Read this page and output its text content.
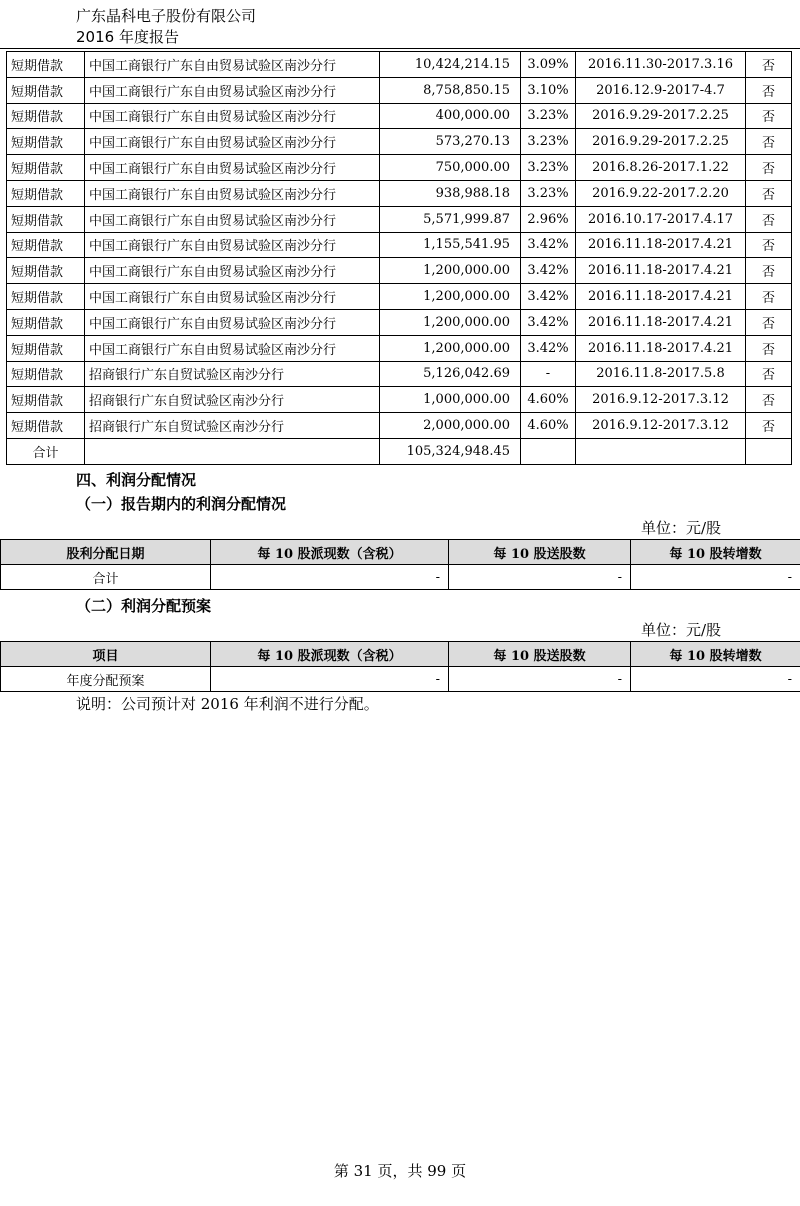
广东晶科电子股份有限公司
2016 年度报告
短期借款	中国工商银行广东自由贸易试验区南沙分行	10,424,214.15	3.09%	2016.11.30-2017.3.16	否
短期借款	中国工商银行广东自由贸易试验区南沙分行	8,758,850.15	3.10%	2016.12.9-2017-4.7	否
短期借款	中国工商银行广东自由贸易试验区南沙分行	400,000.00	3.23%	2016.9.29-2017.2.25	否
短期借款	中国工商银行广东自由贸易试验区南沙分行	573,270.13	3.23%	2016.9.29-2017.2.25	否
短期借款	中国工商银行广东自由贸易试验区南沙分行	750,000.00	3.23%	2016.8.26-2017.1.22	否
短期借款	中国工商银行广东自由贸易试验区南沙分行	938,988.18	3.23%	2016.9.22-2017.2.20	否
短期借款	中国工商银行广东自由贸易试验区南沙分行	5,571,999.87	2.96%	2016.10.17-2017.4.17	否
短期借款	中国工商银行广东自由贸易试验区南沙分行	1,155,541.95	3.42%	2016.11.18-2017.4.21	否
短期借款	中国工商银行广东自由贸易试验区南沙分行	1,200,000.00	3.42%	2016.11.18-2017.4.21	否
短期借款	中国工商银行广东自由贸易试验区南沙分行	1,200,000.00	3.42%	2016.11.18-2017.4.21	否
短期借款	中国工商银行广东自由贸易试验区南沙分行	1,200,000.00	3.42%	2016.11.18-2017.4.21	否
短期借款	中国工商银行广东自由贸易试验区南沙分行	1,200,000.00	3.42%	2016.11.18-2017.4.21	否
短期借款	招商银行广东自贸试验区南沙分行	5,126,042.69	-	2016.11.8-2017.5.8	否
短期借款	招商银行广东自贸试验区南沙分行	1,000,000.00	4.60%	2016.9.12-2017.3.12	否
短期借款	招商银行广东自贸试验区南沙分行	2,000,000.00	4.60%	2016.9.12-2017.3.12	否
合计		105,324,948.45			
四、利润分配情况
（一）报告期内的利润分配情况
单位：元/股
股利分配日期	每 10 股派现数（含税）	每 10 股送股数	每 10 股转增数
合计	-	-	-
（二）利润分配预案
单位：元/股
项目	每 10 股派现数（含税）	每 10 股送股数	每 10 股转增数
年度分配预案	-	-	-
说明：公司预计对 2016 年利润不进行分配。
第 31 页，共 99 页
